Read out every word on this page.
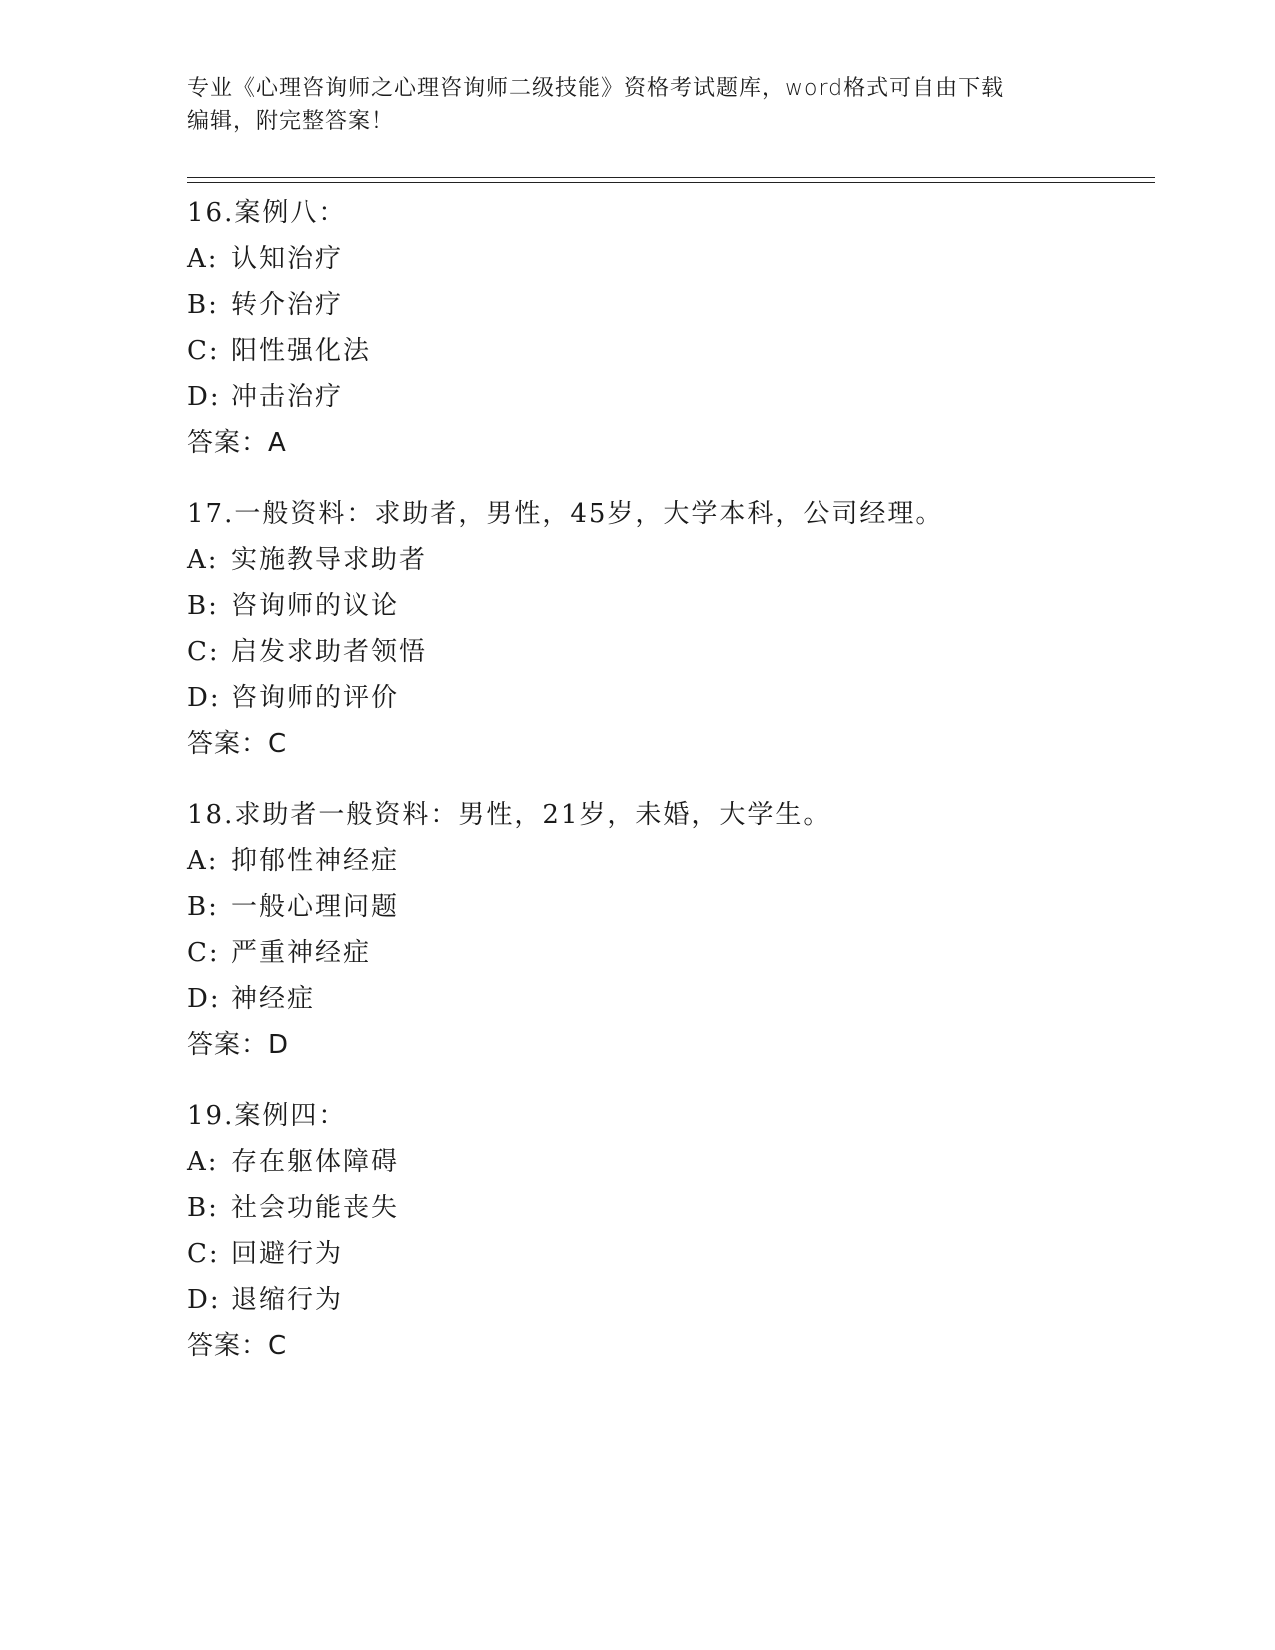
专业《心理咨询师之心理咨询师二级技能》资格考试题库，word格式可自由下载
编辑，附完整答案！
16.案例八：
A: 认知治疗
B: 转介治疗
C: 阳性强化法
D: 冲击治疗
答案：A
17.一般资料：求助者，男性，45岁，大学本科，公司经理。
A: 实施教导求助者
B: 咨询师的议论
C: 启发求助者领悟
D: 咨询师的评价
答案：C
18.求助者一般资料：男性，21岁，未婚，大学生。
A: 抑郁性神经症
B: 一般心理问题
C: 严重神经症
D: 神经症
答案：D
19.案例四：
A: 存在躯体障碍
B: 社会功能丧失
C: 回避行为
D: 退缩行为
答案：C
